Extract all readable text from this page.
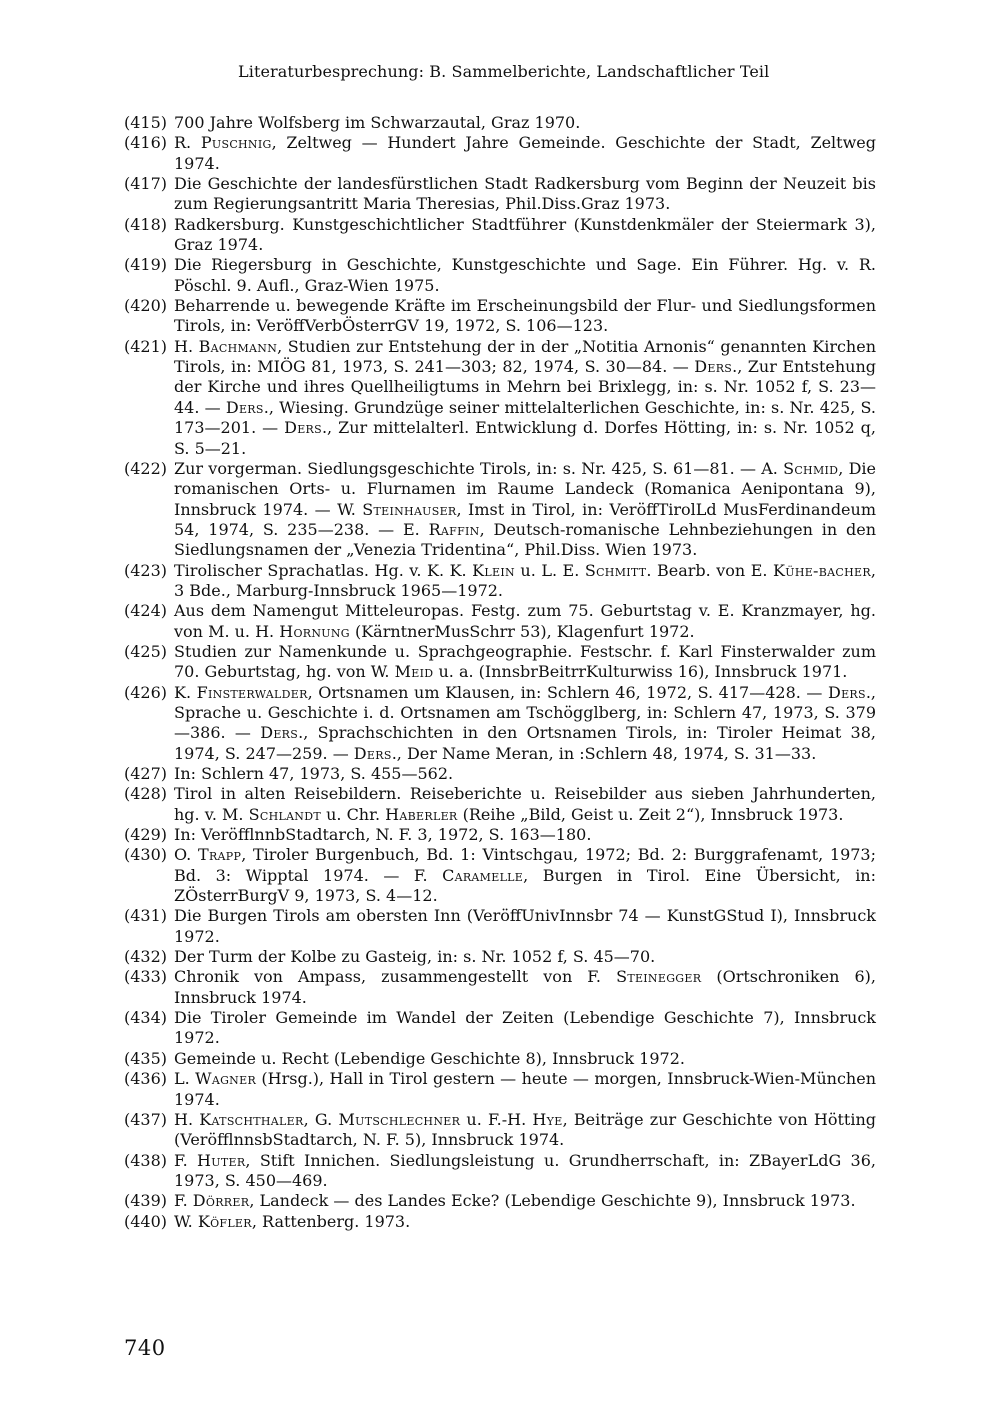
Literaturbesprechung: B. Sammelberichte, Landschaftlicher Teil
(415) 700 Jahre Wolfsberg im Schwarzautal, Graz 1970.
(416) R. Puschnig, Zeltweg — Hundert Jahre Gemeinde. Geschichte der Stadt, Zeltweg 1974.
(417) Die Geschichte der landesfürstlichen Stadt Radkersburg vom Beginn der Neuzeit bis zum Regierungsantritt Maria Theresias, Phil.Diss.Graz 1973.
(418) Radkersburg. Kunstgeschichtlicher Stadtführer (Kunstdenkmäler der Steiermark 3), Graz 1974.
(419) Die Riegersburg in Geschichte, Kunstgeschichte und Sage. Ein Führer. Hg. v. R. Pöschl. 9. Aufl., Graz-Wien 1975.
(420) Beharrende u. bewegende Kräfte im Erscheinungsbild der Flur- und Siedlungsformen Tirols, in: VeröffVerbÖsterrGV 19, 1972, S. 106—123.
(421) H. Bachmann, Studien zur Entstehung der in der „Notitia Arnonis“ genannten Kirchen Tirols, in: MIÖG 81, 1973, S. 241—303; 82, 1974, S. 30—84. — Ders., Zur Entstehung der Kirche und ihres Quellheiligtums in Mehrn bei Brixlegg, in: s. Nr. 1052 f, S. 23—44. — Ders., Wiesing. Grundzüge seiner mittelalterlichen Geschichte, in: s. Nr. 425, S. 173—201. — Ders., Zur mittelalterl. Entwicklung d. Dorfes Hötting, in: s. Nr. 1052 q, S. 5—21.
(422) Zur vorgerman. Siedlungsgeschichte Tirols, in: s. Nr. 425, S. 61—81. — A. Schmid, Die romanischen Orts- u. Flurnamen im Raume Landeck (Romanica Aenipontana 9), Innsbruck 1974. — W. Steinhauser, Imst in Tirol, in: VeröffTirolLd MusFerdinandeum 54, 1974, S. 235—238. — E. Raffin, Deutsch-romanische Lehnbeziehungen in den Siedlungsnamen der „Venezia Tridentina“, Phil.Diss. Wien 1973.
(423) Tirolischer Sprachatlas. Hg. v. K. K. Klein u. L. E. Schmitt. Bearb. von E. Kühe-bacher, 3 Bde., Marburg-Innsbruck 1965—1972.
(424) Aus dem Namengut Mitteleuropas. Festg. zum 75. Geburtstag v. E. Kranzmayer, hg. von M. u. H. Hornung (KärntnerMusSchrr 53), Klagenfurt 1972.
(425) Studien zur Namenkunde u. Sprachgeographie. Festschr. f. Karl Finsterwalder zum 70. Geburtstag, hg. von W. Meid u. a. (InnsbrBeitrrKulturwiss 16), Innsbruck 1971.
(426) K. Finsterwalder, Ortsnamen um Klausen, in: Schlern 46, 1972, S. 417—428. — Ders., Sprache u. Geschichte i. d. Ortsnamen am Tschögglberg, in: Schlern 47, 1973, S. 379—386. — Ders., Sprachschichten in den Ortsnamen Tirols, in: Tiroler Heimat 38, 1974, S. 247—259. — Ders., Der Name Meran, in :Schlern 48, 1974, S. 31—33.
(427) In: Schlern 47, 1973, S. 455—562.
(428) Tirol in alten Reisebildern. Reiseberichte u. Reisebilder aus sieben Jahrhunderten, hg. v. M. Schlandt u. Chr. Haberler (Reihe „Bild, Geist u. Zeit 2“), Innsbruck 1973.
(429) In: VeröfflnnbStadtarch, N. F. 3, 1972, S. 163—180.
(430) O. Trapp, Tiroler Burgenbuch, Bd. 1: Vintschgau, 1972; Bd. 2: Burggrafenamt, 1973; Bd. 3: Wipptal 1974. — F. Caramelle, Burgen in Tirol. Eine Übersicht, in: ZÖsterrBurgV 9, 1973, S. 4—12.
(431) Die Burgen Tirols am obersten Inn (VeröffUnivInnsbr 74 — KunstGStud I), Innsbruck 1972.
(432) Der Turm der Kolbe zu Gasteig, in: s. Nr. 1052 f, S. 45—70.
(433) Chronik von Ampass, zusammengestellt von F. Steinegger (Ortschroniken 6), Innsbruck 1974.
(434) Die Tiroler Gemeinde im Wandel der Zeiten (Lebendige Geschichte 7), Innsbruck 1972.
(435) Gemeinde u. Recht (Lebendige Geschichte 8), Innsbruck 1972.
(436) L. Wagner (Hrsg.), Hall in Tirol gestern — heute — morgen, Innsbruck-Wien-München 1974.
(437) H. Katschthaler, G. Mutschlechner u. F.-H. Hye, Beiträge zur Geschichte von Hötting (VeröfflnnsbStadtarch, N. F. 5), Innsbruck 1974.
(438) F. Huter, Stift Innichen. Siedlungsleistung u. Grundherrschaft, in: ZBayerLdG 36, 1973, S. 450—469.
(439) F. Dörrer, Landeck — des Landes Ecke? (Lebendige Geschichte 9), Innsbruck 1973.
(440) W. Köfler, Rattenberg. 1973.
740
